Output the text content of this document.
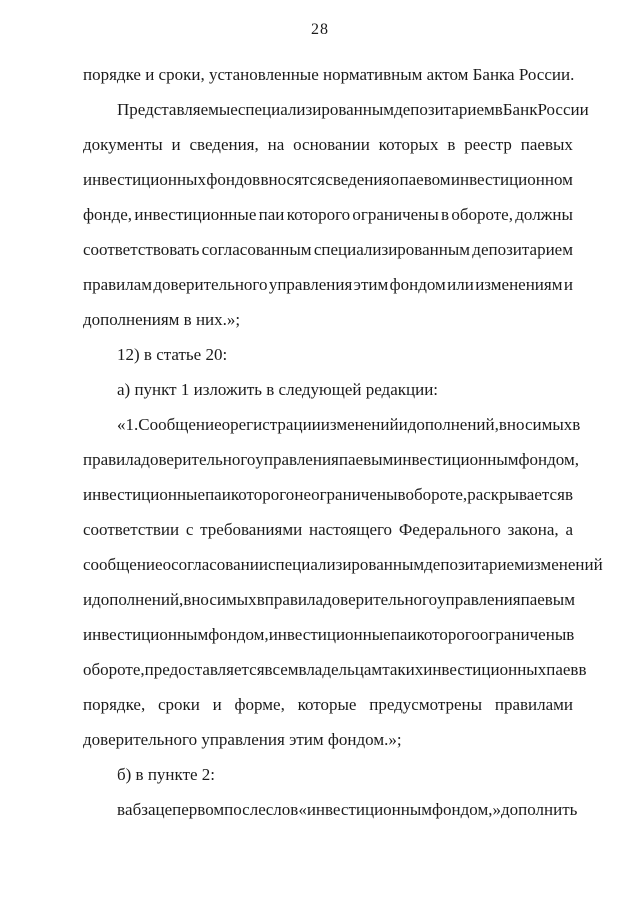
28
порядке и сроки, установленные нормативным актом Банка России.
Представляемые специализированным депозитарием в Банк России
документы и сведения, на основании которых в реестр паевых
инвестиционных фондов вносятся сведения о паевом инвестиционном
фонде, инвестиционные паи которого ограничены в обороте, должны
соответствовать согласованным специализированным депозитарием
правилам доверительного управления этим фондом или изменениям и
дополнениям в них.»;
12) в статье 20:
а) пункт 1 изложить в следующей редакции:
«1. Сообщение о регистрации изменений и дополнений, вносимых в
правила доверительного управления паевым инвестиционным фондом,
инвестиционные паи которого не ограничены в обороте, раскрывается в
соответствии с требованиями настоящего Федерального закона, а
сообщение о согласовании специализированным депозитарием изменений
и дополнений, вносимых в правила доверительного управления паевым
инвестиционным фондом, инвестиционные паи которого ограничены в
обороте, предоставляется всем владельцам таких инвестиционных паев в
порядке, сроки и форме, которые предусмотрены правилами
доверительного управления этим фондом.»;
б) в пункте 2:
в абзаце первом после слов «инвестиционным фондом,» дополнить
